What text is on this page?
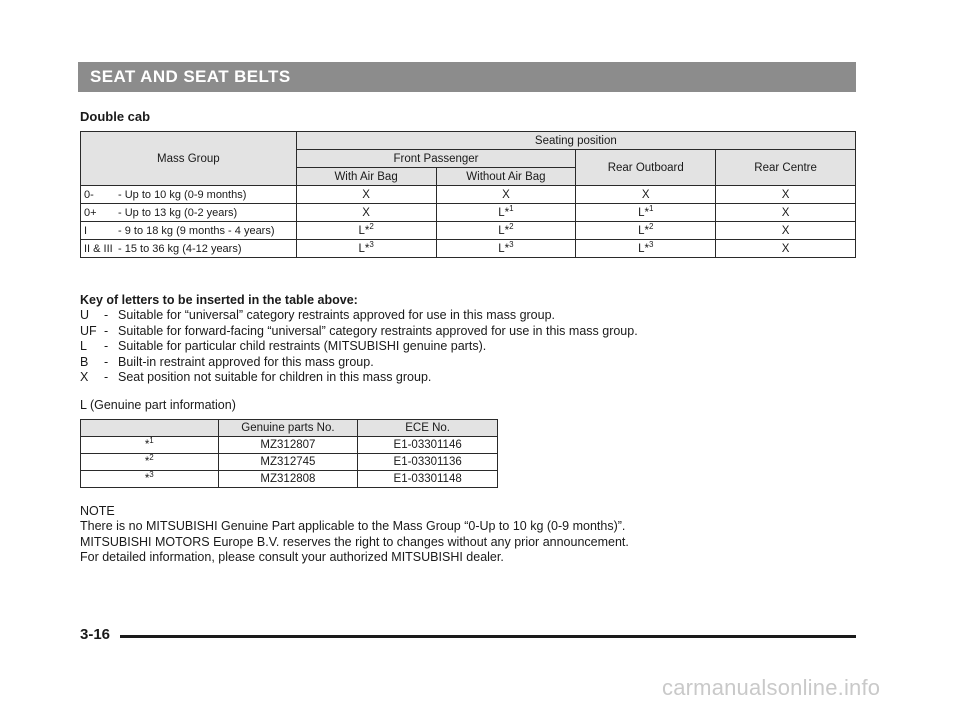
SEAT AND SEAT BELTS
Double cab
Mass Group	Seating position			
	Front Passenger		Rear Outboard	Rear Centre
	With Air Bag	Without Air Bag		
0- - Up to 10 kg (0-9 months)	X	X	X	X
0+ - Up to 13 kg (0-2 years)	X	L*$^1$	L*$^1$	X
I - 9 to 18 kg (9 months - 4 years)	L*$^2$	L*$^2$	L*$^2$	X
II & III - 15 to 36 kg (4-12 years)	L*$^3$	L*$^3$	L*$^3$	X
Key of letters to be inserted in the table above:
U	- Suitable for “universal” category restraints approved for use in this mass group.
UF - Suitable for forward-facing “universal” category restraints approved for use in this mass group.
L	- Suitable for particular child restraints (MITSUBISHI genuine parts).
B	- Built-in restraint approved for this mass group.
X	- Seat position not suitable for children in this mass group.
L (Genuine part information)
	Genuine parts No.	ECE No.
*$^1$	MZ312807	E1-03301146
*$^2$	MZ312745	E1-03301136
*$^3$	MZ312808	E1-03301148
NOTE
There is no MITSUBISHI Genuine Part applicable to the Mass Group “0-Up to 10 kg (0-9 months)”.
MITSUBISHI MOTORS Europe B.V. reserves the right to changes without any prior announcement.
For detailed information, please consult your authorized MITSUBISHI dealer.
3-16
carmanualsonline.info
